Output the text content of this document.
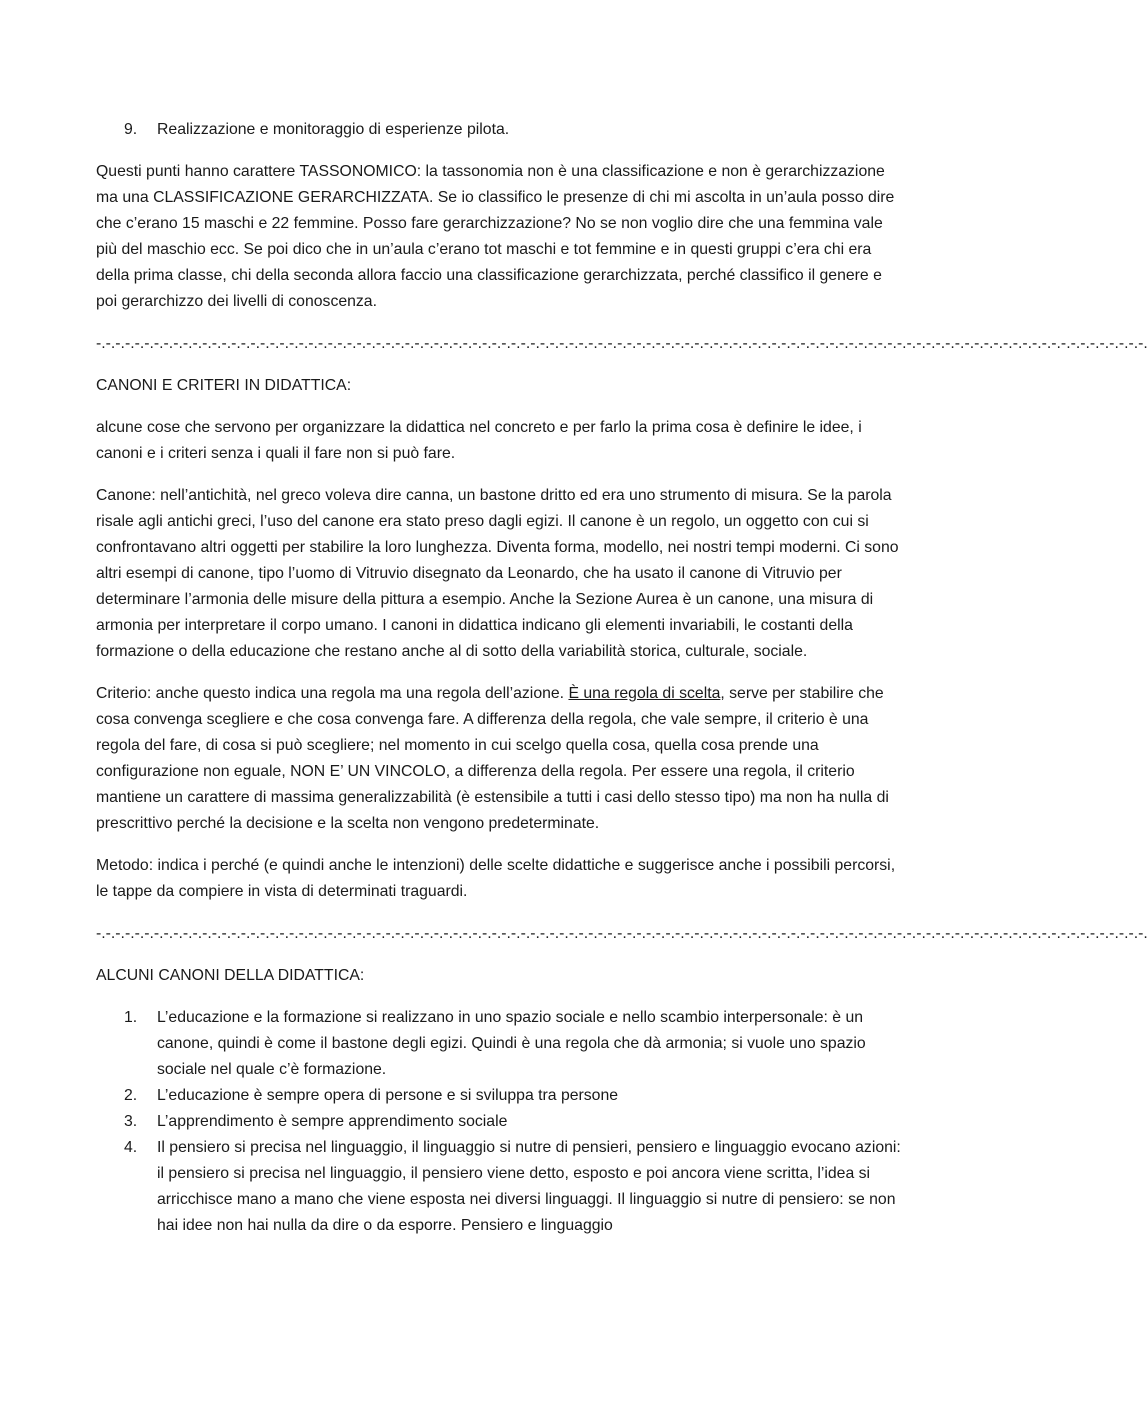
9.	Realizzazione e monitoraggio di esperienze pilota.

Questi punti hanno carattere TASSONOMICO: la tassonomia non è una classificazione e non è gerarchizzazione ma una CLASSIFICAZIONE GERARCHIZZATA. Se io classifico le presenze di chi mi ascolta in un’aula posso dire che c’erano 15 maschi e 22 femmine. Posso fare gerarchizzazione? No se non voglio dire che una femmina vale più del maschio ecc. Se poi dico che in un’aula c’erano tot maschi e tot femmine e in questi gruppi c’era chi era della prima classe, chi della seconda allora faccio una classificazione gerarchizzata, perché classifico il genere e poi gerarchizzo dei livelli di conoscenza.

-.-.-.-.-.-.-.-.-.-.-.-.-.-.-.-.-.-.-.-.-.-.-.-.-.-.-.-.-.-.-.-.-.-.-.-.-.-.-.-.-.-.-.-.-.-.-.-.-.-.-.-.-.-.-.-.-.-.-.-.-.-.-.-.-.-.-.-.-.-.-.-.-.-.-.-.-.-.-.-.-.-.-.-.-.-.-.-.-.-.-.-.-.-.-.-.-.-.-.-.-.-.-.-.-.-.-.-.-.

CANONI E CRITERI IN DIDATTICA:

alcune cose che servono per organizzare la didattica nel concreto e per farlo la prima cosa è definire le idee, i canoni e i criteri senza i quali il fare non si può fare.

Canone: nell’antichità, nel greco voleva dire canna, un bastone dritto ed era uno strumento di misura. Se la parola risale agli antichi greci, l’uso del canone era stato preso dagli egizi. Il canone è un regolo, un oggetto con cui si confrontavano altri oggetti per stabilire la loro lunghezza. Diventa forma, modello, nei nostri tempi moderni. Ci sono altri esempi di canone, tipo l’uomo di Vitruvio disegnato da Leonardo, che ha usato il canone di Vitruvio per determinare l’armonia delle misure della pittura a esempio. Anche la Sezione Aurea è un canone, una misura di armonia per interpretare il corpo umano. I canoni in didattica indicano gli elementi invariabili, le costanti della formazione o della educazione che restano anche al di sotto della variabilità storica, culturale, sociale.

Criterio: anche questo indica una regola ma una regola dell’azione. È una regola di scelta, serve per stabilire che cosa convenga scegliere e che cosa convenga fare. A differenza della regola, che vale sempre, il criterio è una regola del fare, di cosa si può scegliere; nel momento in cui scelgo quella cosa, quella cosa prende una configurazione non eguale, NON E’ UN VINCOLO, a differenza della regola. Per essere una regola, il criterio mantiene un carattere di massima generalizzabilità (è estensibile a tutti i casi dello stesso tipo) ma non ha nulla di prescrittivo perché la decisione e la scelta non vengono predeterminate.

Metodo: indica i perché (e quindi anche le intenzioni) delle scelte didattiche e suggerisce anche i possibili percorsi, le tappe da compiere in vista di determinati traguardi.

-.-.-.-.-.-.-.-.-.-.-.-.-.-.-.-.-.-.-.-.-.-.-.-.-.-.-.-.-.-.-.-.-.-.-.-.-.-.-.-.-.-.-.-.-.-.-.-.-.-.-.-.-.-.-.-.-.-.-.-.-.-.-.-.-.-.-.-.-.-.-.-.-.-.-.-.-.-.-.-.-.-.-.-.-.-.-.-.-.-.-.-.-.-.-.-.-.-.-.-.-.-.-.-.-.-.-.-.-.

ALCUNI CANONI DELLA DIDATTICA:

1.	L’educazione e la formazione si realizzano in uno spazio sociale e nello scambio interpersonale: è un canone, quindi è come il bastone degli egizi. Quindi è una regola che dà armonia; si vuole uno spazio sociale nel quale c’è formazione.
2.	L’educazione è sempre opera di persone e si sviluppa tra persone
3.	L’apprendimento è sempre apprendimento sociale
4.	Il pensiero si precisa nel linguaggio, il linguaggio si nutre di pensieri, pensiero e linguaggio evocano azioni: il pensiero si precisa nel linguaggio, il pensiero viene detto, esposto e poi ancora viene scritta, l’idea si arricchisce mano a mano che viene esposta nei diversi linguaggi. Il linguaggio si nutre di pensiero: se non hai idee non hai nulla da dire o da esporre. Pensiero e linguaggio
